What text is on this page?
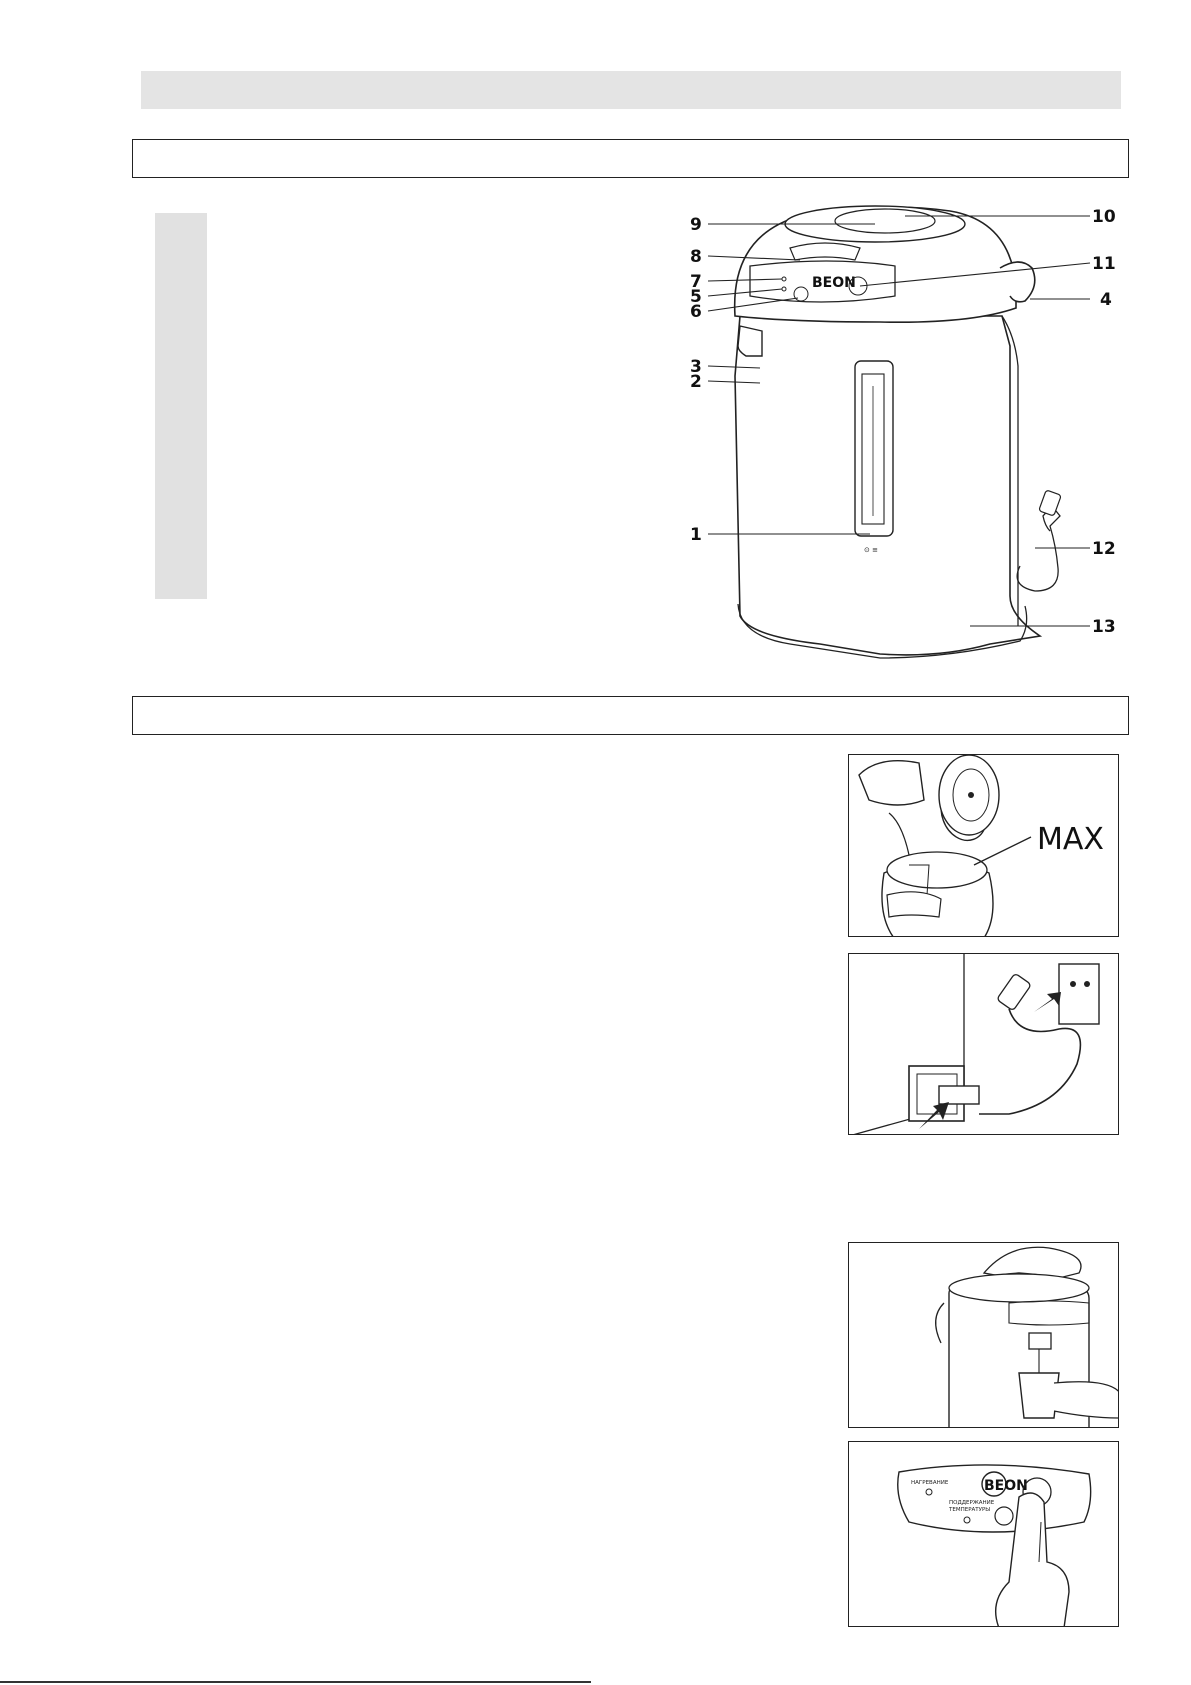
BEON
⊙ ≡
9
8
7
5
6
3
2
1
10
11
4
12
13
MAX
BEON
НАГРЕВАНИЕ
ПОДДЕРЖАНИЕ
ТЕМПЕРАТУРЫ
